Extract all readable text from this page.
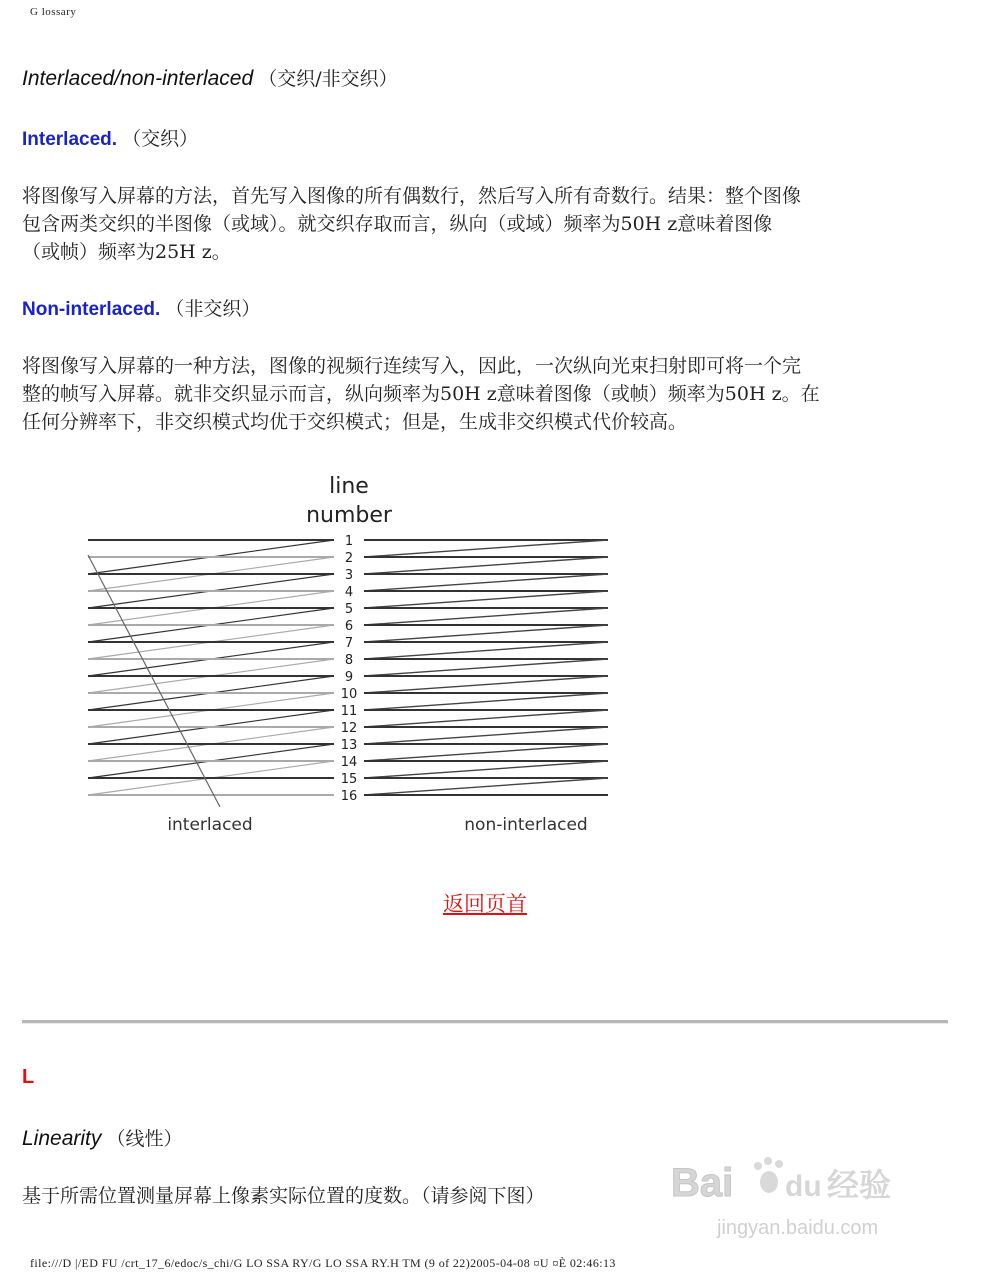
G lossary
Interlaced/non-interlaced （交织/非交织）
Interlaced. （交织）
将图像写入屏幕的方法，首先写入图像的所有偶数行，然后写入所有奇数行。结果：整个图像
包含两类交织的半图像（或域）。就交织存取而言，纵向（或域）频率为50H z意味着图像
（或帧）频率为25H z。
Non-interlaced. （非交织）
将图像写入屏幕的一种方法，图像的视频行连续写入，因此，一次纵向光束扫射即可将一个完
整的帧写入屏幕。就非交织显示而言，纵向频率为50H z意味着图像（或帧）频率为50H z。在
任何分辨率下，非交织模式均优于交织模式；但是，生成非交织模式代价较高。
line
number
1
2
3
4
5
6
7
8
9
10
11
12
13
14
15
16
interlaced	non-interlaced
返回页首
L
Linearity （线性）
基于所需位置测量屏幕上像素实际位置的度数。（请参阅下图）	Bai du 经验
jingyan.baidu.com
file:///D |/ED FU /crt_17_6/edoc/s_chi/G LO SSA RY/G LO SSA RY.H TM (9 of 22)2005-04-08 ¤U ¤È 02:46:13
